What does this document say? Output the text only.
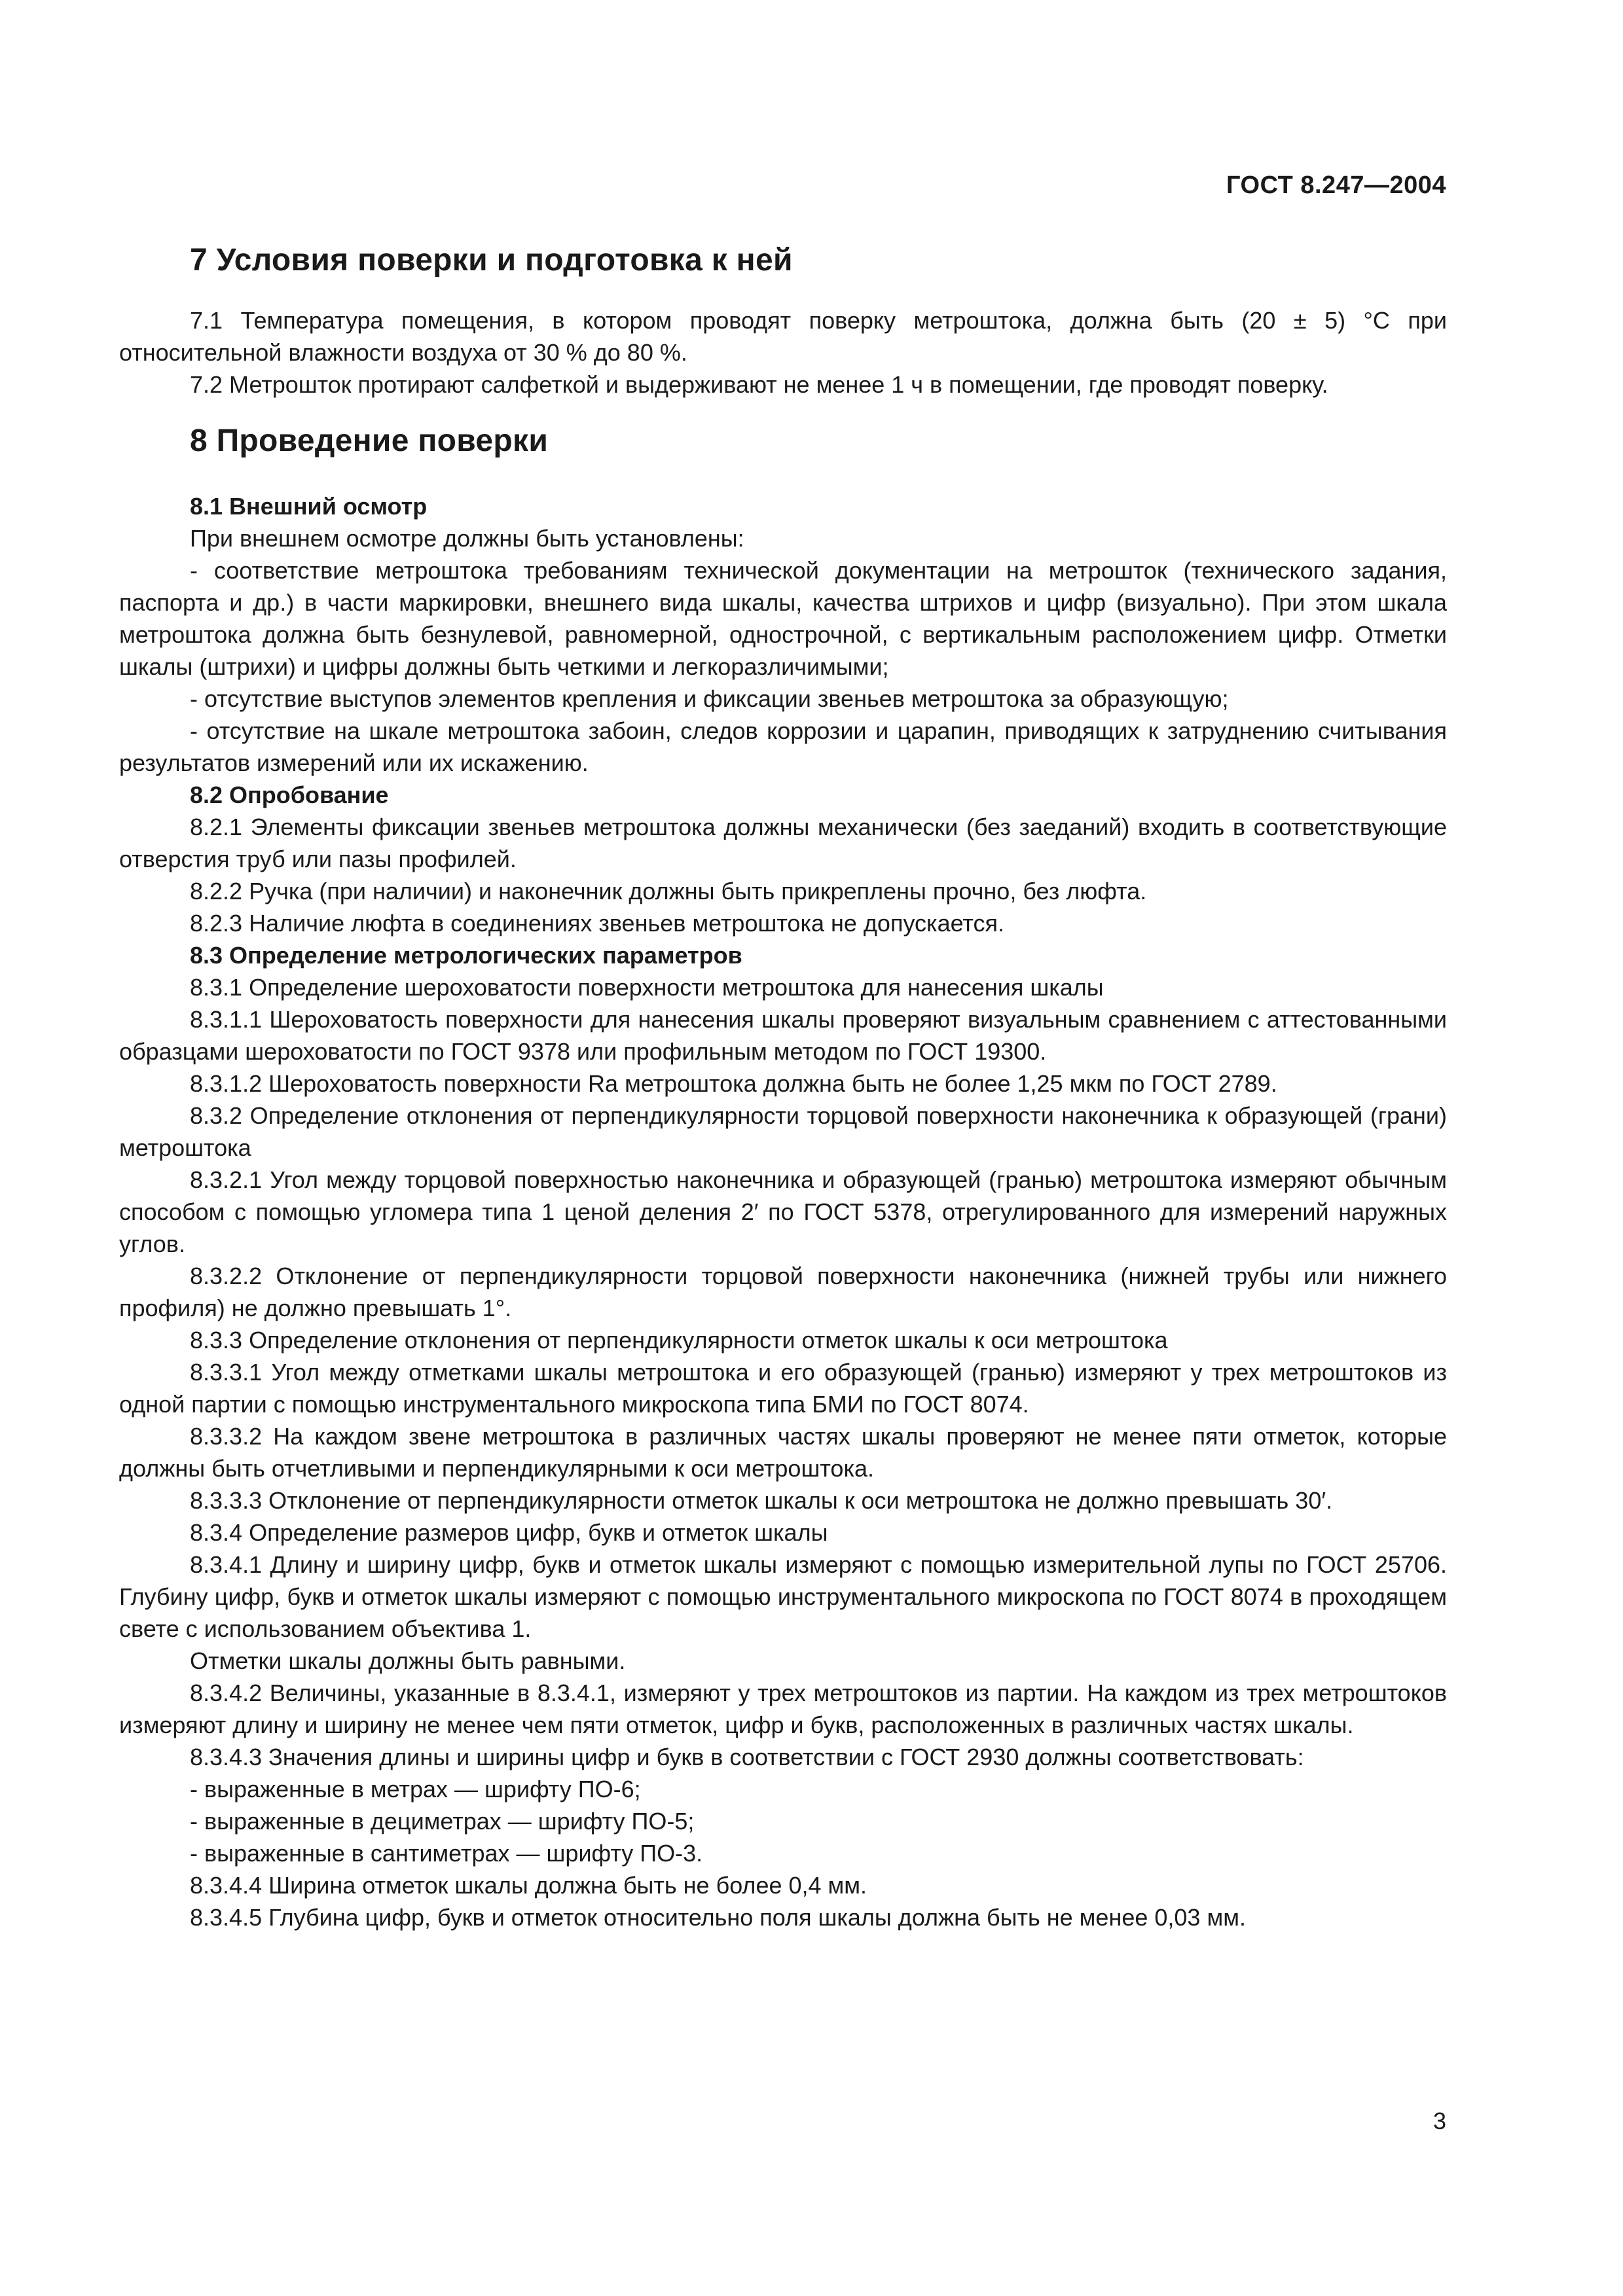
ГОСТ 8.247—2004
7 Условия поверки и подготовка к ней

7.1 Температура помещения, в котором проводят поверку метроштока, должна быть (20 ± 5) °С при относительной влажности воздуха от 30 % до 80 %.

7.2 Метрошток протирают салфеткой и выдерживают не менее 1 ч в помещении, где проводят поверку.

8 Проведение поверки

8.1 Внешний осмотр

При внешнем осмотре должны быть установлены:

- соответствие метроштока требованиям технической документации на метрошток (технического задания, паспорта и др.) в части маркировки, внешнего вида шкалы, качества штрихов и цифр (визуально). При этом шкала метроштока должна быть безнулевой, равномерной, однострочной, с вертикальным расположением цифр. Отметки шкалы (штрихи) и цифры должны быть четкими и легкоразличимыми;

- отсутствие выступов элементов крепления и фиксации звеньев метроштока за образующую;

- отсутствие на шкале метроштока забоин, следов коррозии и царапин, приводящих к затруднению считывания результатов измерений или их искажению.

8.2 Опробование

8.2.1 Элементы фиксации звеньев метроштока должны механически (без заеданий) входить в соответствующие отверстия труб или пазы профилей.

8.2.2 Ручка (при наличии) и наконечник должны быть прикреплены прочно, без люфта.

8.2.3 Наличие люфта в соединениях звеньев метроштока не допускается.

8.3 Определение метрологических параметров

8.3.1 Определение шероховатости поверхности метроштока для нанесения шкалы

8.3.1.1 Шероховатость поверхности для нанесения шкалы проверяют визуальным сравнением с аттестованными образцами шероховатости по ГОСТ 9378 или профильным методом по ГОСТ 19300.

8.3.1.2 Шероховатость поверхности Ra метроштока должна быть не более 1,25 мкм по ГОСТ 2789.

8.3.2 Определение отклонения от перпендикулярности торцовой поверхности наконечника к образующей (грани) метроштока

8.3.2.1 Угол между торцовой поверхностью наконечника и образующей (гранью) метроштока измеряют обычным способом с помощью угломера типа 1 ценой деления 2′ по ГОСТ 5378, отрегулированного для измерений наружных углов.

8.3.2.2 Отклонение от перпендикулярности торцовой поверхности наконечника (нижней трубы или нижнего профиля) не должно превышать 1°.

8.3.3 Определение отклонения от перпендикулярности отметок шкалы к оси метроштока

8.3.3.1 Угол между отметками шкалы метроштока и его образующей (гранью) измеряют у трех метроштоков из одной партии с помощью инструментального микроскопа типа БМИ по ГОСТ 8074.

8.3.3.2 На каждом звене метроштока в различных частях шкалы проверяют не менее пяти отметок, которые должны быть отчетливыми и перпендикулярными к оси метроштока.

8.3.3.3 Отклонение от перпендикулярности отметок шкалы к оси метроштока не должно превышать 30′.

8.3.4 Определение размеров цифр, букв и отметок шкалы

8.3.4.1 Длину и ширину цифр, букв и отметок шкалы измеряют с помощью измерительной лупы по ГОСТ 25706. Глубину цифр, букв и отметок шкалы измеряют с помощью инструментального микроскопа по ГОСТ 8074 в проходящем свете с использованием объектива 1.

Отметки шкалы должны быть равными.

8.3.4.2 Величины, указанные в 8.3.4.1, измеряют у трех метроштоков из партии. На каждом из трех метроштоков измеряют длину и ширину не менее чем пяти отметок, цифр и букв, расположенных в различных частях шкалы.

8.3.4.3 Значения длины и ширины цифр и букв в соответствии с ГОСТ 2930 должны соответствовать:

- выраженные в метрах — шрифту ПО-6;

- выраженные в дециметрах — шрифту ПО-5;

- выраженные в сантиметрах — шрифту ПО-3.

8.3.4.4 Ширина отметок шкалы должна быть не более 0,4 мм.

8.3.4.5 Глубина цифр, букв и отметок относительно поля шкалы должна быть не менее 0,03 мм.

3
